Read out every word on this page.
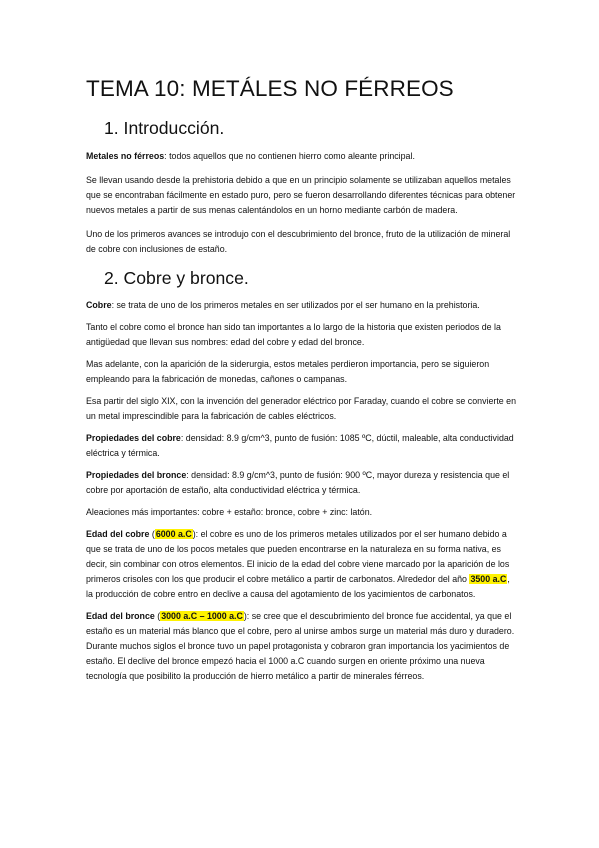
TEMA 10: METÁLES NO FÉRREOS
1. Introducción.

Metales no férreos: todos aquellos que no contienen hierro como aleante principal.

Se llevan usando desde la prehistoria debido a que en un principio solamente se utilizaban aquellos metales que se encontraban fácilmente en estado puro, pero se fueron desarrollando diferentes técnicas para obtener nuevos metales a partir de sus menas calentándolos en un horno mediante carbón de madera.

Uno de los primeros avances se introdujo con el descubrimiento del bronce, fruto de la utilización de mineral de cobre con inclusiones de estaño.

2. Cobre y bronce.

Cobre: se trata de uno de los primeros metales en ser utilizados por el ser humano en la prehistoria.

Tanto el cobre como el bronce han sido tan importantes a lo largo de la historia que existen periodos de la antigüedad que llevan sus nombres: edad del cobre y edad del bronce.

Mas adelante, con la aparición de la siderurgia, estos metales perdieron importancia, pero se siguieron empleando para la fabricación de monedas, cañones o campanas.

Esa partir del siglo XIX, con la invención del generador eléctrico por Faraday, cuando el cobre se convierte en un metal imprescindible para la fabricación de cables eléctricos.

Propiedades del cobre: densidad: 8.9 g/cm^3, punto de fusión: 1085 ºC, dúctil, maleable, alta conductividad eléctrica y térmica.

Propiedades del bronce: densidad: 8.9 g/cm^3, punto de fusión: 900 ºC, mayor dureza y resistencia que el cobre por aportación de estaño, alta conductividad eléctrica y térmica.

Aleaciones más importantes: cobre + estaño: bronce, cobre + zinc: latón.

Edad del cobre (6000 a.C): el cobre es uno de los primeros metales utilizados por el ser humano debido a que se trata de uno de los pocos metales que pueden encontrarse en la naturaleza en su forma nativa, es decir, sin combinar con otros elementos. El inicio de la edad del cobre viene marcado por la aparición de los primeros crisoles con los que producir el cobre metálico a partir de carbonatos. Alrededor del año 3500 a.C, la producción de cobre entro en declive a causa del agotamiento de los yacimientos de carbonatos.

Edad del bronce (3000 a.C – 1000 a.C): se cree que el descubrimiento del bronce fue accidental, ya que el estaño es un material más blanco que el cobre, pero al unirse ambos surge un material más duro y duradero. Durante muchos siglos el bronce tuvo un papel protagonista y cobraron gran importancia los yacimientos de estaño. El declive del bronce empezó hacia el 1000 a.C cuando surgen en oriente próximo una nueva tecnología que posibilito la producción de hierro metálico a partir de minerales férreos.
